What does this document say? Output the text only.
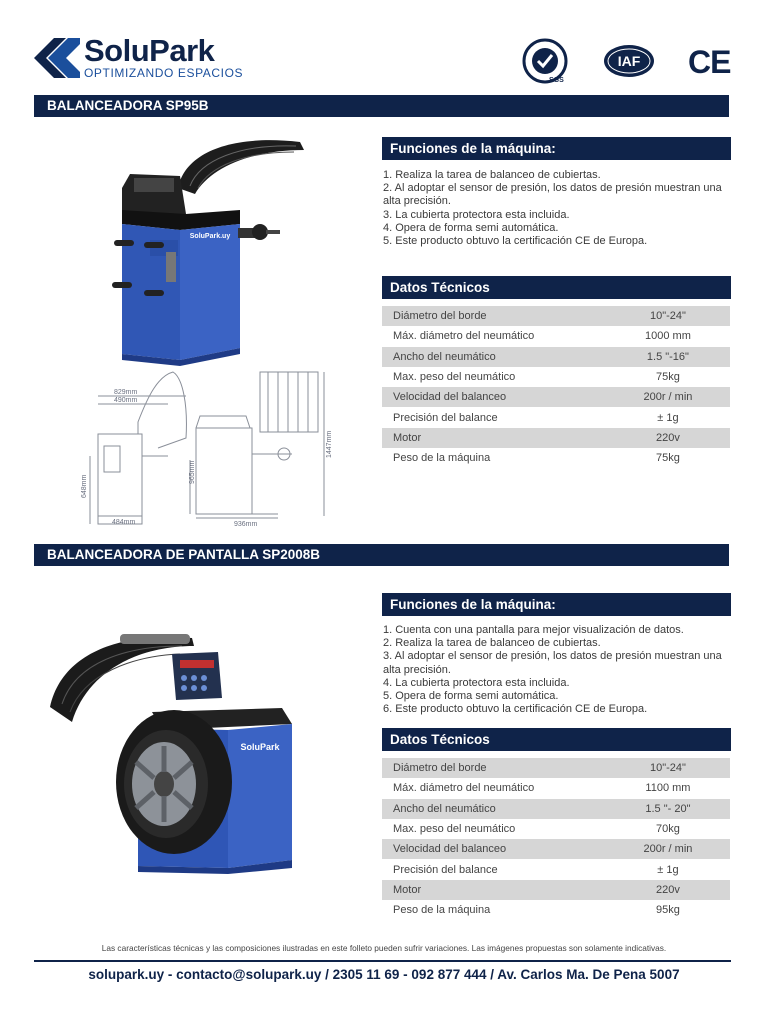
SoluPark
OPTIMIZANDO ESPACIOS
SGS
IAF CE
BALANCEADORA SP95B
SoluPark.uy
829mm
490mm
648mm
484mm
965mm
936mm
1447mm
Funciones de la máquina:
1. Realiza la tarea de balanceo de cubiertas.
2. Al adoptar el sensor de presión, los datos de presión muestran una alta precisión.
3. La cubierta protectora esta incluida.
4. Opera de forma semi automática.
5. Este producto obtuvo la certificación CE de Europa.
Datos Técnicos
Diámetro del borde	10"-24"
Máx. diámetro del neumático	1000 mm
Ancho del neumático	1.5 "-16"
Max. peso del neumático	75kg
Velocidad del balanceo	200r / min
Precisión del balance	± 1g
Motor	220v
Peso de la máquina	75kg
BALANCEADORA DE PANTALLA SP2008B
SoluPark
Funciones de la máquina:
1. Cuenta con una pantalla para mejor visualización de datos.
2. Realiza la tarea de balanceo de cubiertas.
3. Al adoptar el sensor de presión, los datos de presión muestran una alta precisión.
4. La cubierta protectora esta incluida.
5. Opera de forma semi automática.
6. Este producto obtuvo la certificación CE de Europa.
Datos Técnicos
Diámetro del borde	10"-24"
Máx. diámetro del neumático	1100 mm
Ancho del neumático	1.5 "- 20"
Max. peso del neumático	70kg
Velocidad del balanceo	200r / min
Precisión del balance	± 1g
Motor	220v
Peso de la máquina	95kg
Las características técnicas y las composiciones ilustradas en este folleto pueden sufrir variaciones. Las imágenes propuestas son solamente indicativas.
solupark.uy - contacto@solupark.uy / 2305 11 69 - 092 877 444 / Av. Carlos Ma. De Pena 5007
